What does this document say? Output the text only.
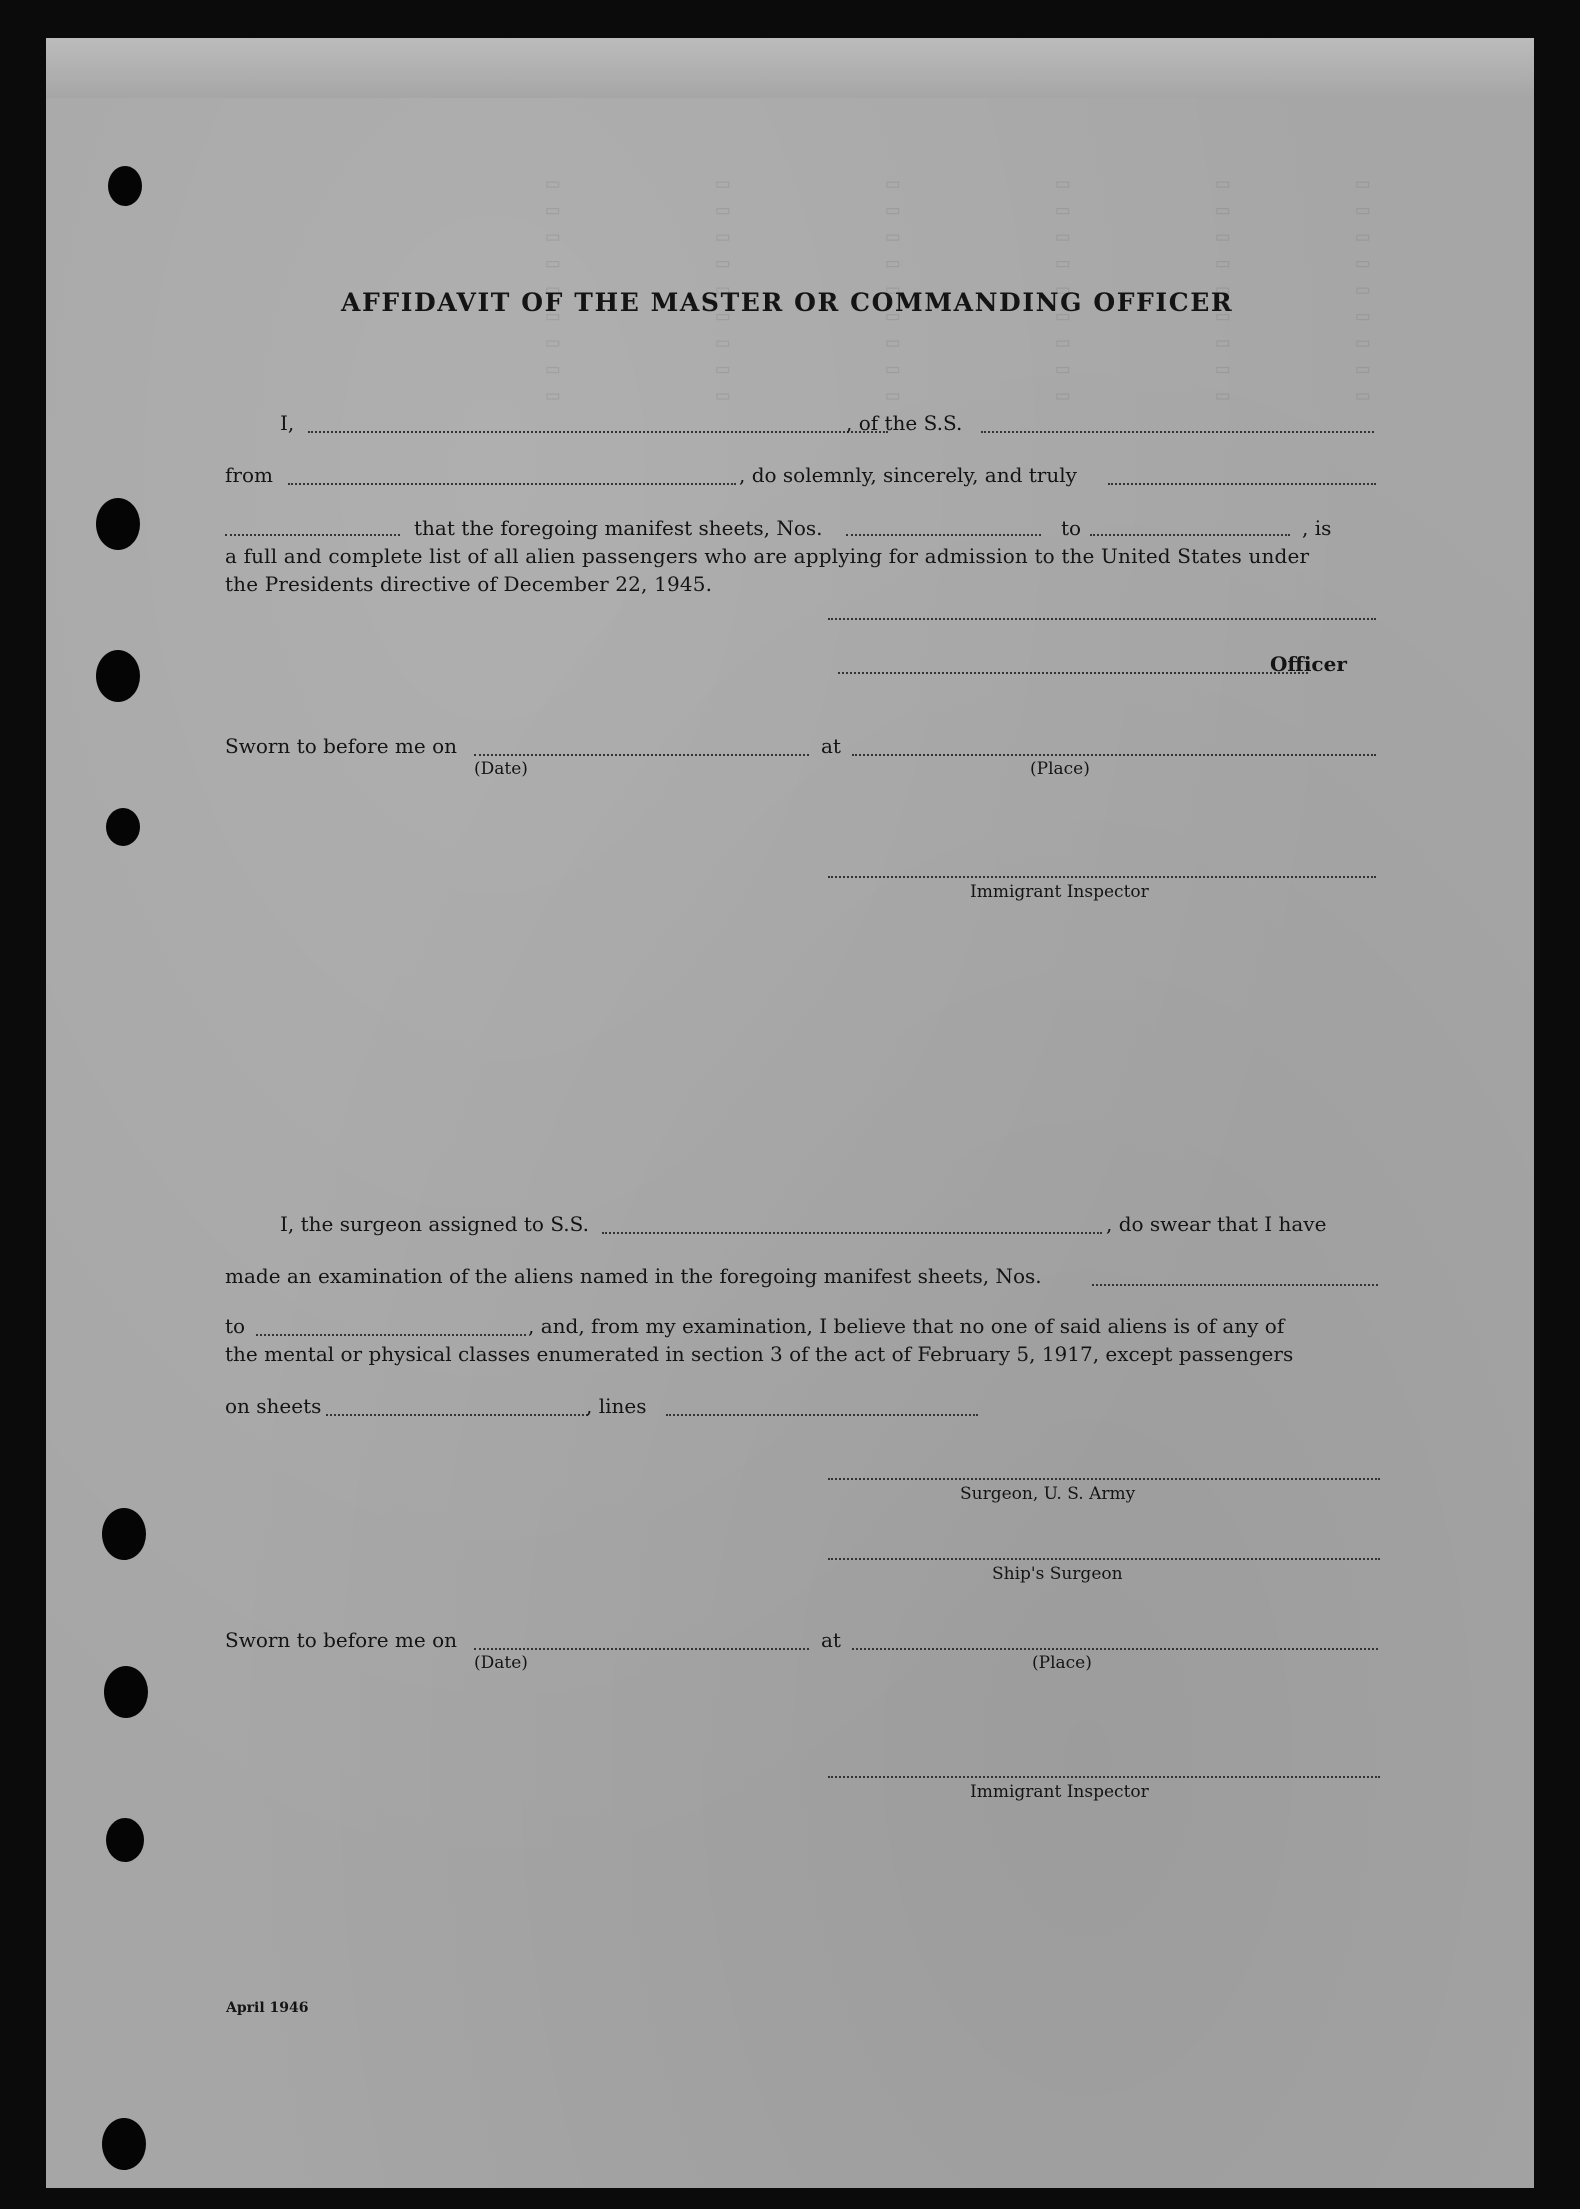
▯ ▯ ▯ ▯ ▯ ▯ ▯ ▯ ▯
▯ ▯ ▯ ▯ ▯ ▯ ▯ ▯ ▯
▯ ▯ ▯ ▯ ▯ ▯ ▯ ▯ ▯
▯ ▯ ▯ ▯ ▯ ▯ ▯ ▯ ▯
▯ ▯ ▯ ▯ ▯ ▯ ▯ ▯ ▯
▯ ▯ ▯ ▯ ▯ ▯ ▯ ▯ ▯
AFFIDAVIT OF THE MASTER OR COMMANDING OFFICER
I,	, of the S.S.
from	, do solemnly, sincerely, and truly
that the foregoing manifest sheets, Nos.	to	, is
a full and complete list of all alien passengers who are applying for admission to the United States under
the Presidents directive of December 22, 1945.
Officer
Sworn to before me on	at
(Date)	(Place)
Immigrant Inspector
I, the surgeon assigned to S.S.	, do swear that I have
made an examination of the aliens named in the foregoing manifest sheets, Nos.
to	, and, from my examination, I believe that no one of said aliens is of any of
the mental or physical classes enumerated in section 3 of the act of February 5, 1917, except passengers
on sheets	, lines
Surgeon, U. S. Army
Ship's Surgeon
Sworn to before me on	at
(Date)	(Place)
Immigrant Inspector
April 1946
